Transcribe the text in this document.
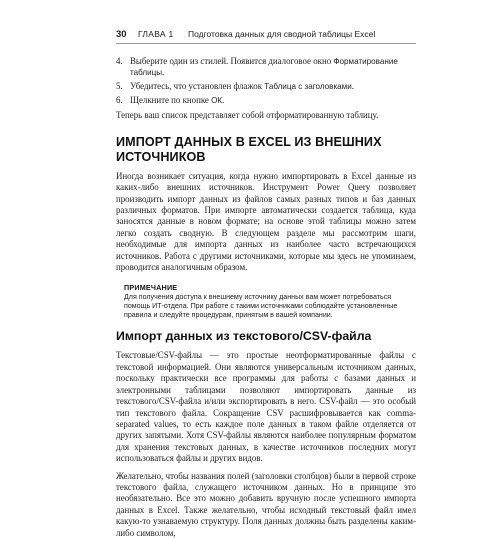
30 ГЛАВА 1 Подготовка данных для сводной таблицы Excel
4. Выберите один из стилей. Появится диалоговое окно Форматирование таблицы.
5. Убедитесь, что установлен флажок Таблица с заголовками.
6. Щелкните по кнопке ОК.

Теперь ваш список представляет собой отформатированную таблицу.

ИМПОРТ ДАННЫХ В EXCEL ИЗ ВНЕШНИХ ИСТОЧНИКОВ

Иногда возникает ситуация, когда нужно импортировать в Excel данные из каких-либо внешних источников. Инструмент Power Query позволяет производить импорт данных из файлов самых разных типов и баз данных различных форматов. При импорте автоматически создается таблица, куда заносятся данные в новом формате; на основе этой таблицы можно затем легко создать сводную. В следующем разделе мы рассмотрим шаги, необходимые для импорта данных из наиболее часто встречающихся источников. Работа с другими источниками, которые мы здесь не упоминаем, проводится аналогичным образом.

ПРИМЕЧАНИЕ
Для получения доступа к внешнему источнику данных вам может потребоваться помощь ИТ-отдела. При работе с такими источниками соблюдайте установленные правила и следуйте процедурам, принятым в вашей компании.
Импорт данных из текстового/CSV-файла

Текстовые/CSV-файлы — это простые неотформатированные файлы с текстовой информацией. Они являются универсальным источником данных, поскольку практически все программы для работы с базами данных и электронными таблицами позволяют импортировать данные из текстового/CSV-файла и/или экспортировать в него. CSV-файл — это особый тип текстового файла. Сокращение CSV расшифровывается как comma-separated values, то есть каждое поле данных в таком файле отделяется от других запятыми. Хотя CSV-файлы являются наиболее популярным форматом для хранения текстовых данных, в качестве источников последних могут использоваться файлы и других видов.

Желательно, чтобы названия полей (заголовки столбцов) были в первой строке текстового файла, служащего источником данных. Но в принципе это необязательно. Все это можно добавить вручную после успешного импорта данных в Excel. Также желательно, чтобы исходный текстовый файл имел какую-то узнаваемую структуру. Поля данных должны быть разделены каким-либо символом,
